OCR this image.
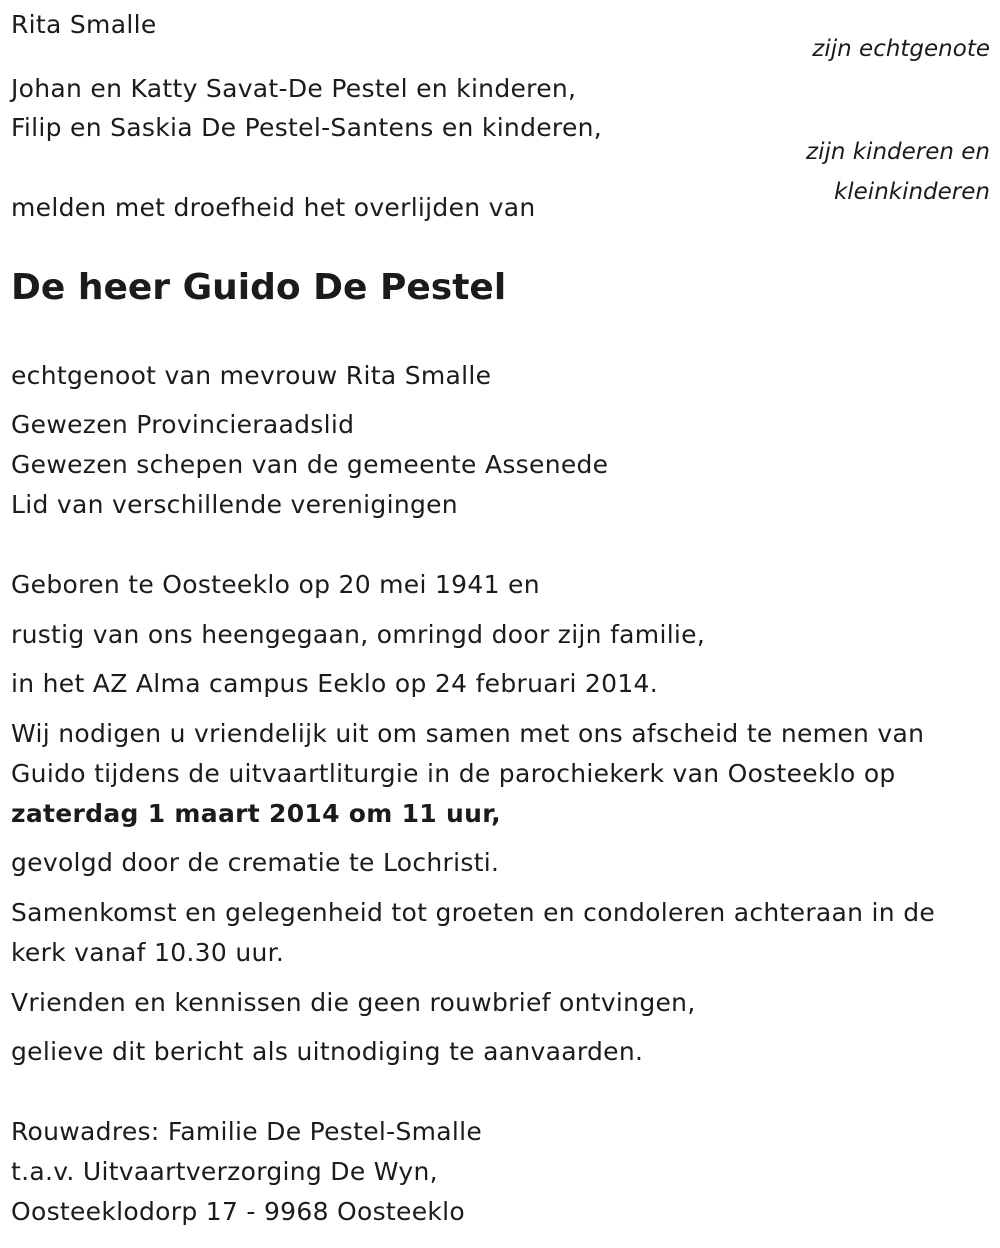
Rita Smalle
zijn echtgenote
Johan en Katty Savat-De Pestel en kinderen,
Filip en Saskia De Pestel-Santens en kinderen,
zijn kinderen en
kleinkinderen
melden met droefheid het overlijden van
De heer Guido De Pestel
echtgenoot van mevrouw Rita Smalle
Gewezen Provincieraadslid
Gewezen schepen van de gemeente Assenede
Lid van verschillende verenigingen
Geboren te Oosteeklo op 20 mei 1941 en
rustig van ons heengegaan, omringd door zijn familie,
in het AZ Alma campus Eeklo op 24 februari 2014.
Wij nodigen u vriendelijk uit om samen met ons afscheid te nemen van
Guido tijdens de uitvaartliturgie in de parochiekerk van Oosteeklo op
zaterdag 1 maart 2014 om 11 uur,
gevolgd door de crematie te Lochristi.
Samenkomst en gelegenheid tot groeten en condoleren achteraan in de
kerk vanaf 10.30 uur.
Vrienden en kennissen die geen rouwbrief ontvingen,
gelieve dit bericht als uitnodiging te aanvaarden.
Rouwadres: Familie De Pestel-Smalle
t.a.v. Uitvaartverzorging De Wyn,
Oosteeklodorp 17 - 9968 Oosteeklo
